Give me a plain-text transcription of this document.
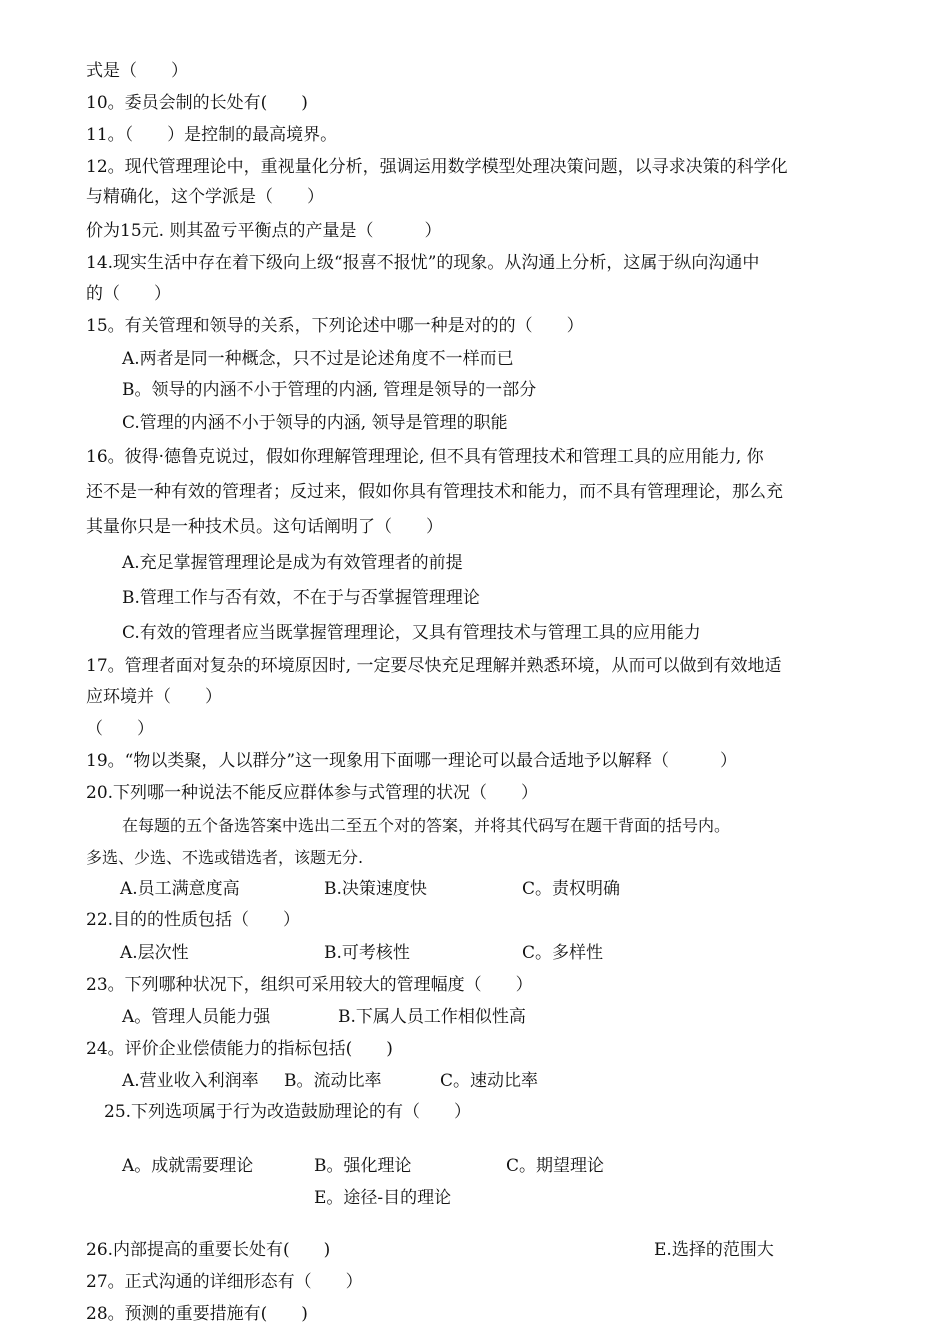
式是（　　）
10。委员会制的长处有(　　)
11。（　　）是控制的最高境界。
12。现代管理理论中，重视量化分析，强调运用数学模型处理决策问题，以寻求决策的科学化
与精确化，这个学派是（　　）
价为15元. 则其盈亏平衡点的产量是（　　　）
14.现实生活中存在着下级向上级“报喜不报忧”的现象。从沟通上分析，这属于纵向沟通中
的（　　）
15。有关管理和领导的关系，下列论述中哪一种是对的的（　　）
A.两者是同一种概念，只不过是论述角度不一样而已
B。领导的内涵不小于管理的内涵, 管理是领导的一部分
C.管理的内涵不小于领导的内涵, 领导是管理的职能
16。彼得·德鲁克说过，假如你理解管理理论, 但不具有管理技术和管理工具的应用能力, 你
还不是一种有效的管理者；反过来，假如你具有管理技术和能力，而不具有管理理论，那么充
其量你只是一种技术员。这句话阐明了（　　）
A.充足掌握管理理论是成为有效管理者的前提
B.管理工作与否有效，不在于与否掌握管理理论
C.有效的管理者应当既掌握管理理论，又具有管理技术与管理工具的应用能力
17。管理者面对复杂的环境原因时, 一定要尽快充足理解并熟悉环境，从而可以做到有效地适
应环境并（　　）
（　　）
19。“物以类聚，人以群分”这一现象用下面哪一理论可以最合适地予以解释（　　　）
20.下列哪一种说法不能反应群体参与式管理的状况（　　）
在每题的五个备选答案中选出二至五个对的答案，并将其代码写在题干背面的括号内。
多选、少选、不选或错选者，该题无分.
A.员工满意度高	B.决策速度快	C。责权明确
22.目的的性质包括（　　）
A.层次性	B.可考核性	C。多样性
23。下列哪种状况下，组织可采用较大的管理幅度（　　）
A。管理人员能力强	B.下属人员工作相似性高
24。评价企业偿债能力的指标包括(　　)
A.营业收入利润率 B。流动比率	C。速动比率
25.下列选项属于行为改造鼓励理论的有（　　）
A。成就需要理论	B。强化理论	C。期望理论
E。途径-目的理论
26.内部提高的重要长处有(　　)	E.选择的范围大
27。正式沟通的详细形态有（　　）
28。预测的重要措施有(　　)
